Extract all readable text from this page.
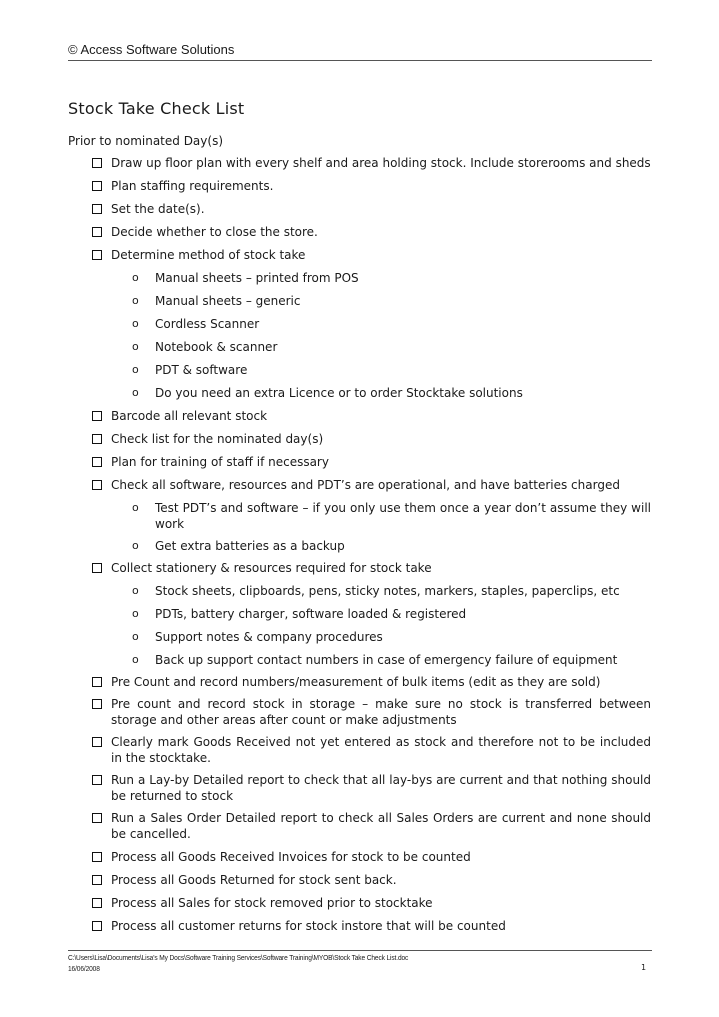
© Access Software Solutions
Stock Take Check List
Prior to nominated Day(s)
Draw up floor plan with every shelf and area holding stock. Include storerooms and sheds
Plan staffing requirements.
Set the date(s).
Decide whether to close the store.
Determine method of stock take
o Manual sheets – printed from POS
o Manual sheets – generic
o Cordless Scanner
o Notebook & scanner
o PDT & software
o Do you need an extra Licence or to order Stocktake solutions
Barcode all relevant stock
Check list for the nominated day(s)
Plan for training of staff if necessary
Check all software, resources and PDT’s are operational, and have batteries charged
o Test PDT’s and software – if you only use them once a year don’t assume they will work
o Get extra batteries as a backup
Collect stationery & resources required for stock take
o Stock sheets, clipboards, pens, sticky notes, markers, staples, paperclips, etc
o PDTs, battery charger, software loaded & registered
o Support notes & company procedures
o Back up support contact numbers in case of emergency failure of equipment
Pre Count and record numbers/measurement of bulk items (edit as they are sold)
Pre count and record stock in storage – make sure no stock is transferred between storage and other areas after count or make adjustments
Clearly mark Goods Received not yet entered as stock and therefore not to be included in the stocktake.
Run a Lay-by Detailed report to check that all lay-bys are current and that nothing should be returned to stock
Run a Sales Order Detailed report to check all Sales Orders are current and none should be cancelled.
Process all Goods Received Invoices for stock to be counted
Process all Goods Returned for stock sent back.
Process all Sales for stock removed prior to stocktake
Process all customer returns for stock instore that will be counted
C:\Users\Lisa\Documents\Lisa's My Docs\Software Training Services\Software Training\MYOB\Stock Take Check List.doc
16/06/2008	1
